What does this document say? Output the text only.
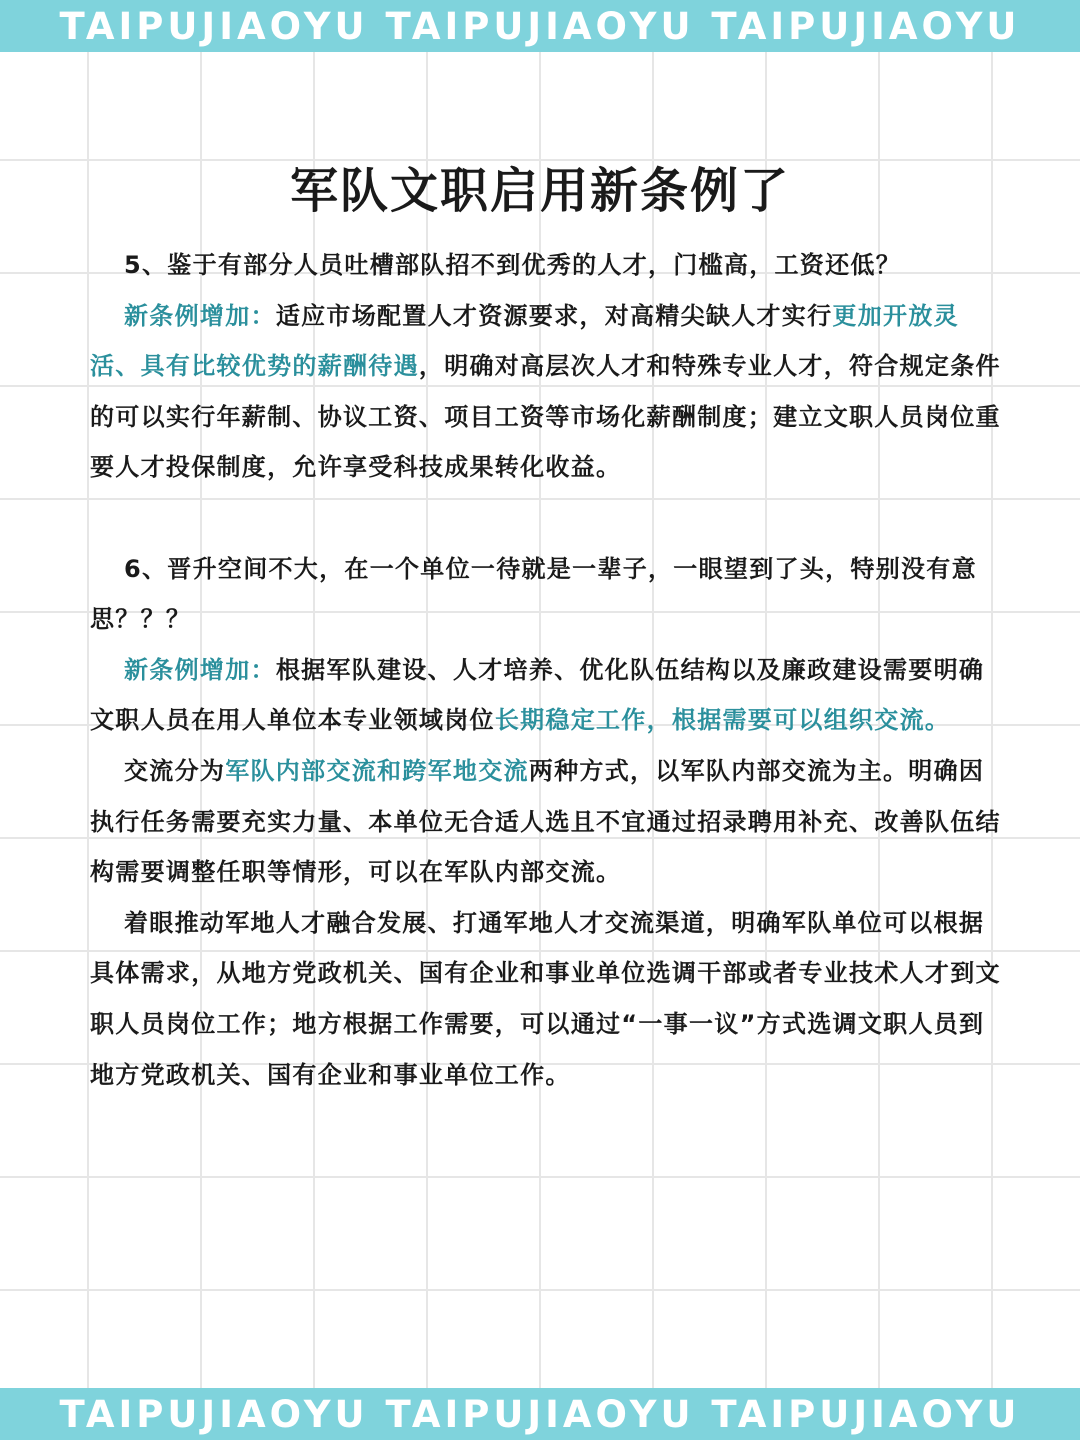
TAIPUJIAOYU TAIPUJIAOYU TAIPUJIAOYU
军队文职启用新条例了

5、鉴于有部分人员吐槽部队招不到优秀的人才，门槛高，工资还低？

新条例增加：适应市场配置人才资源要求，对高精尖缺人才实行更加开放灵活、具有比较优势的薪酬待遇，明确对高层次人才和特殊专业人才，符合规定条件的可以实行年薪制、协议工资、项目工资等市场化薪酬制度；建立文职人员岗位重要人才投保制度，允许享受科技成果转化收益。

6、晋升空间不大，在一个单位一待就是一辈子，一眼望到了头，特别没有意思？？？

新条例增加：根据军队建设、人才培养、优化队伍结构以及廉政建设需要明确文职人员在用人单位本专业领域岗位长期稳定工作，根据需要可以组织交流。

交流分为军队内部交流和跨军地交流两种方式，以军队内部交流为主。明确因执行任务需要充实力量、本单位无合适人选且不宜通过招录聘用补充、改善队伍结构需要调整任职等情形，可以在军队内部交流。

着眼推动军地人才融合发展、打通军地人才交流渠道，明确军队单位可以根据具体需求，从地方党政机关、国有企业和事业单位选调干部或者专业技术人才到文职人员岗位工作；地方根据工作需要，可以通过“一事一议”方式选调文职人员到地方党政机关、国有企业和事业单位工作。

TAIPUJIAOYU TAIPUJIAOYU TAIPUJIAOYU
